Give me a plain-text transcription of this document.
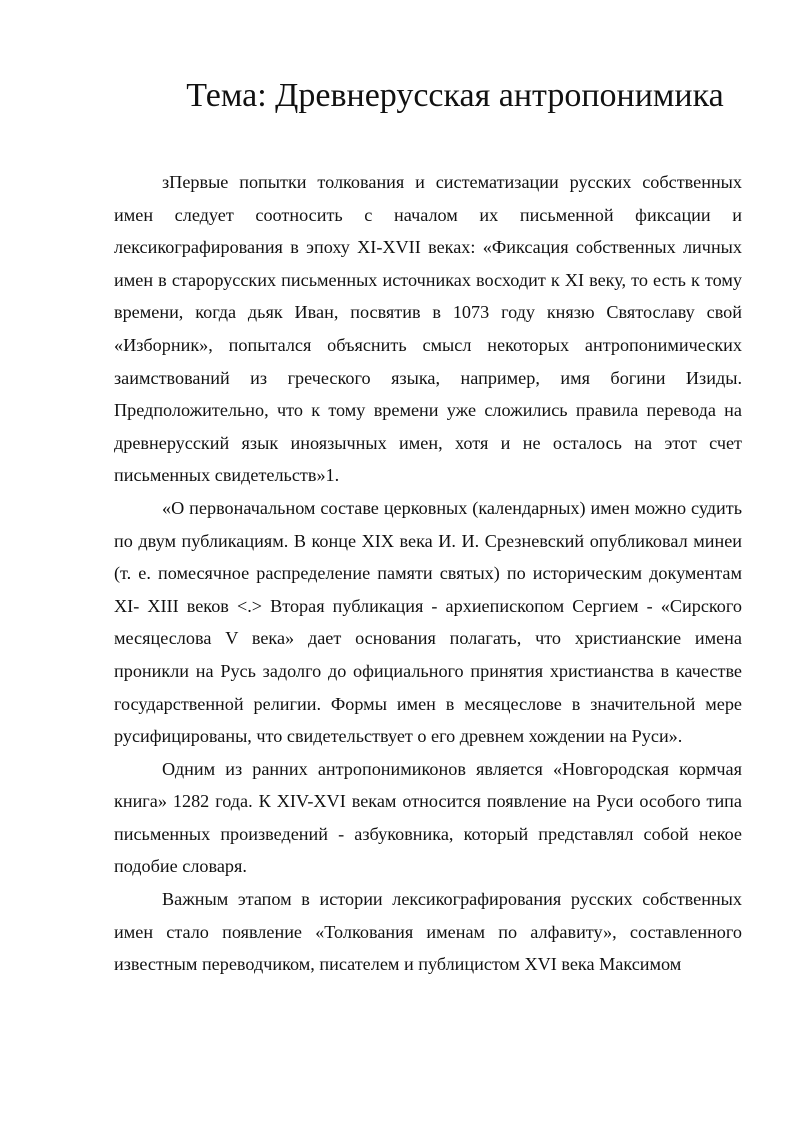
Тема: Древнерусская антропонимика

зПервые попытки толкования и систематизации русских собственных имен следует соотносить с началом их письменной фиксации и лексикографирования в эпоху XI-XVII веках: «Фиксация собственных личных имен в старорусских письменных источниках восходит к XI веку, то есть к тому времени, когда дьяк Иван, посвятив в 1073 году князю Святославу свой «Изборник», попытался объяснить смысл некоторых антропонимических заимствований из греческого языка, например, имя богини Изиды. Предположительно, что к тому времени уже сложились правила перевода на древнерусский язык иноязычных имен, хотя и не осталось на этот счет письменных свидетельств»1.

«О первоначальном составе церковных (календарных) имен можно судить по двум публикациям. В конце XIX века И. И. Срезневский опубликовал минеи (т. е. помесячное распределение памяти святых) по историческим документам XI- XIII веков <.> Вторая публикация - архиепископом Сергием - «Сирского месяцеслова V века» дает основания полагать, что христианские имена проникли на Русь задолго до официального принятия христианства в качестве государственной религии. Формы имен в месяцеслове в значительной мере русифицированы, что свидетельствует о его древнем хождении на Руси».

Одним из ранних антропонимиконов является «Новгородская кормчая книга» 1282 года. К XIV-XVI векам относится появление на Руси особого типа письменных произведений - азбуковника, который представлял собой некое подобие словаря.

Важным этапом в истории лексикографирования русских собственных имен стало появление «Толкования именам по алфавиту», составленного известным переводчиком, писателем и публицистом XVI века Максимом
